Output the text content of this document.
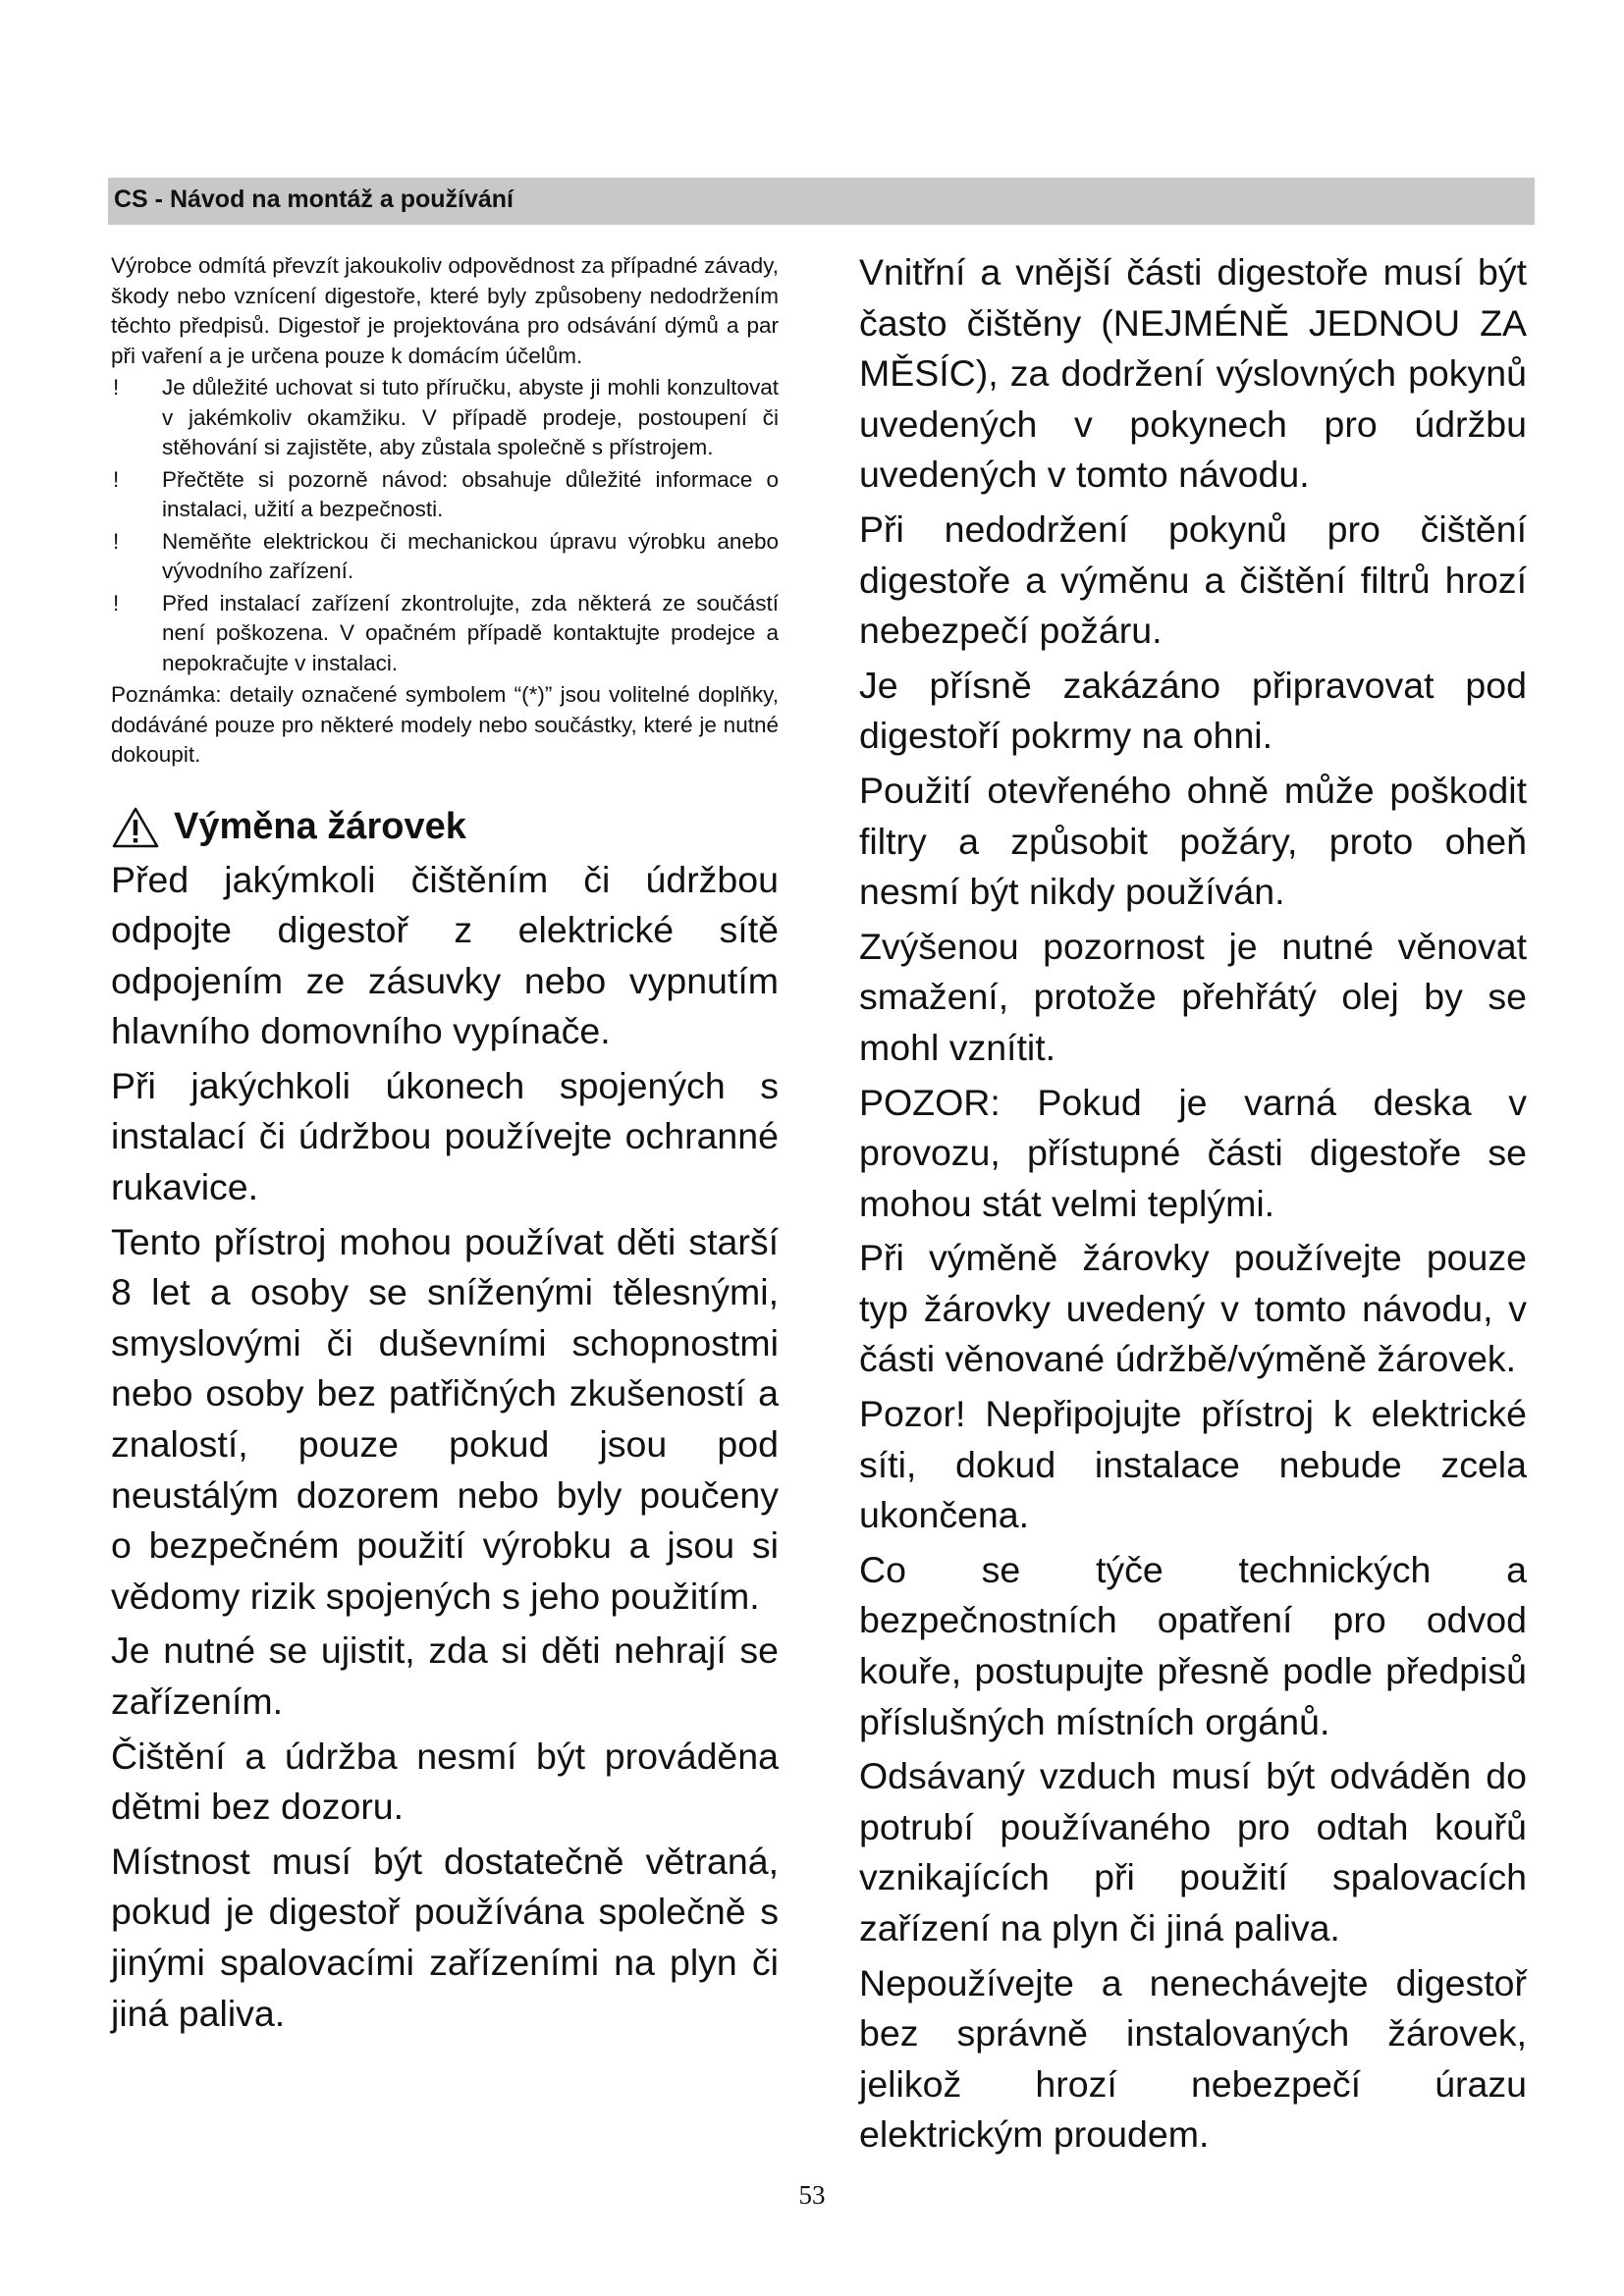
CS - Návod na montáž a používání

Výrobce odmítá převzít jakoukoliv odpovědnost za případné závady, škody nebo vznícení digestoře, které byly způsobeny nedodržením těchto předpisů. Digestoř je projektována pro odsávání dýmů a par při vaření a je určena pouze k domácím účelům.

! Je důležité uchovat si tuto příručku, abyste ji mohli konzultovat v jakémkoliv okamžiku. V případě prodeje, postoupení či stěhování si zajistěte, aby zůstala společně s přístrojem.
! Přečtěte si pozorně návod: obsahuje důležité informace o instalaci, užití a bezpečnosti.
! Neměňte elektrickou či mechanickou úpravu výrobku anebo vývodního zařízení.
! Před instalací zařízení zkontrolujte, zda některá ze součástí není poškozena. V opačném případě kontaktujte prodejce a nepokračujte v instalaci.

Poznámka: detaily označené symbolem “(*)” jsou volitelné doplňky, dodáváné pouze pro některé modely nebo součástky, které je nutné dokoupit.

Výměna žárovek

Před jakýmkoli čištěním či údržbou odpojte digestoř z elektrické sítě odpojením ze zásuvky nebo vypnutím hlavního domovního vypínače.

Při jakýchkoli úkonech spojených s instalací či údržbou používejte ochranné rukavice.

Tento přístroj mohou používat děti starší 8 let a osoby se sníženými tělesnými, smyslovými či duševními schopnostmi nebo osoby bez patřičných zkušeností a znalostí, pouze pokud jsou pod neustálým dozorem nebo byly poučeny o bezpečném použití výrobku a jsou si vědomy rizik spojených s jeho použitím.

Je nutné se ujistit, zda si děti nehrají se zařízením.

Čištění a údržba nesmí být prováděna dětmi bez dozoru.

Místnost musí být dostatečně větraná, pokud je digestoř používána společně s jinými spalovacími zařízeními na plyn či jiná paliva.

Vnitřní a vnější části digestoře musí být často čištěny (NEJMÉNĚ JEDNOU ZA MĚSÍC), za dodržení výslovných pokynů uvedených v pokynech pro údržbu uvedených v tomto návodu.

Při nedodržení pokynů pro čištění digestoře a výměnu a čištění filtrů hrozí nebezpečí požáru.

Je přísně zakázáno připravovat pod digestoří pokrmy na ohni.

Použití otevřeného ohně může poškodit filtry a způsobit požáry, proto oheň nesmí být nikdy používán.

Zvýšenou pozornost je nutné věnovat smažení, protože přehřátý olej by se mohl vznítit.

POZOR: Pokud je varná deska v provozu, přístupné části digestoře se mohou stát velmi teplými.

Při výměně žárovky používejte pouze typ žárovky uvedený v tomto návodu, v části věnované údržbě/výměně žárovek.

Pozor! Nepřipojujte přístroj k elektrické síti, dokud instalace nebude zcela ukončena.

Co se týče technických a bezpečnostních opatření pro odvod kouře, postupujte přesně podle předpisů příslušných místních orgánů.

Odsávaný vzduch musí být odváděn do potrubí používaného pro odtah kouřů vznikajících při použití spalovacích zařízení na plyn či jiná paliva.

Nepoužívejte a nenechávejte digestoř bez správně instalovaných žárovek, jelikož hrozí nebezpečí úrazu elektrickým proudem.

53
